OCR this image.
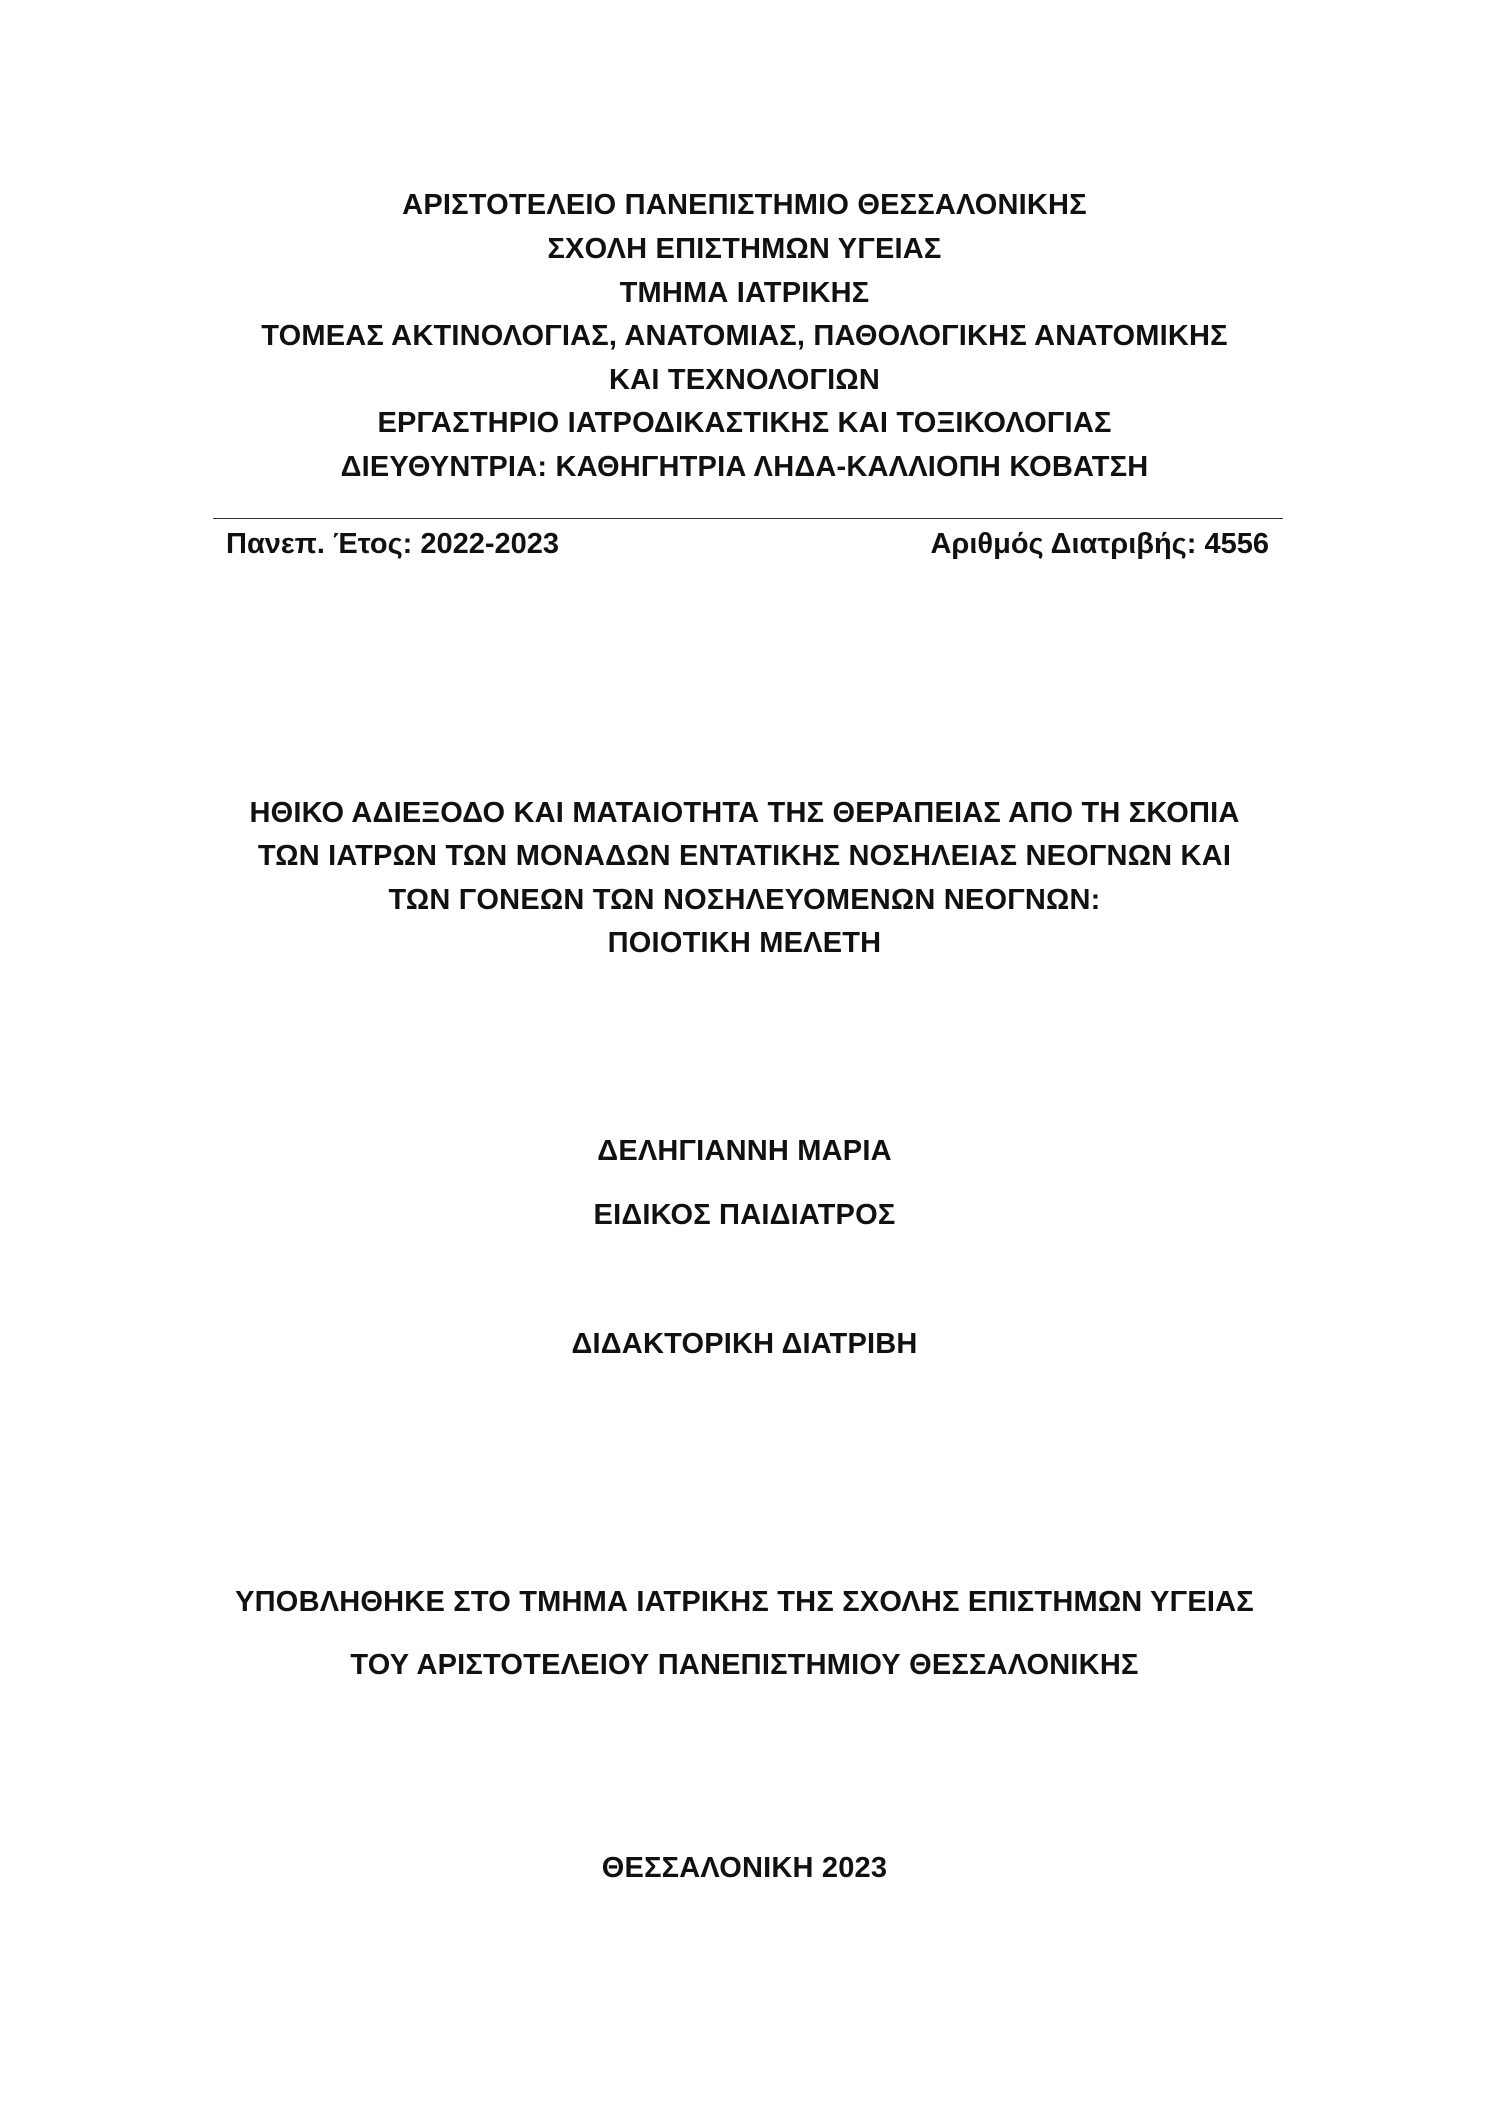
ΑΡΙΣΤΟΤΕΛΕΙΟ ΠΑΝΕΠΙΣΤΗΜΙΟ ΘΕΣΣΑΛΟΝΙΚΗΣ
ΣΧΟΛΗ ΕΠΙΣΤΗΜΩΝ ΥΓΕΙΑΣ
ΤΜΗΜΑ ΙΑΤΡΙΚΗΣ
ΤΟΜΕΑΣ ΑΚΤΙΝΟΛΟΓΙΑΣ, ΑΝΑΤΟΜΙΑΣ, ΠΑΘΟΛΟΓΙΚΗΣ ΑΝΑΤΟΜΙΚΗΣ
ΚΑΙ ΤΕΧΝΟΛΟΓΙΩΝ
ΕΡΓΑΣΤΗΡΙΟ ΙΑΤΡΟΔΙΚΑΣΤΙΚΗΣ ΚΑΙ ΤΟΞΙΚΟΛΟΓΙΑΣ
ΔΙΕΥΘΥΝΤΡΙΑ: ΚΑΘΗΓΗΤΡΙΑ ΛΗΔΑ-ΚΑΛΛΙΟΠΗ ΚΟΒΑΤΣΗ
Πανεπ. Έτος: 2022-2023	Αριθμός Διατριβής: 4556
ΗΘΙΚΟ ΑΔΙΕΞΟΔΟ ΚΑΙ ΜΑΤΑΙΟΤΗΤΑ ΤΗΣ ΘΕΡΑΠΕΙΑΣ ΑΠΟ ΤΗ ΣΚΟΠΙΑ
ΤΩΝ ΙΑΤΡΩΝ ΤΩΝ ΜΟΝΑΔΩΝ ΕΝΤΑΤΙΚΗΣ ΝΟΣΗΛΕΙΑΣ ΝΕΟΓΝΩΝ ΚΑΙ
ΤΩΝ ΓΟΝΕΩΝ ΤΩΝ ΝΟΣΗΛΕΥΟΜΕΝΩΝ ΝΕΟΓΝΩΝ:
ΠΟΙΟΤΙΚΗ ΜΕΛΕΤΗ
ΔΕΛΗΓΙΑΝΝΗ ΜΑΡΙΑ
ΕΙΔΙΚΟΣ ΠΑΙΔΙΑΤΡΟΣ
ΔΙΔΑΚΤΟΡΙΚΗ ΔΙΑΤΡΙΒΗ
ΥΠΟΒΛΗΘΗΚΕ ΣΤΟ ΤΜΗΜΑ ΙΑΤΡΙΚΗΣ ΤΗΣ ΣΧΟΛΗΣ ΕΠΙΣΤΗΜΩΝ ΥΓΕΙΑΣ
ΤΟΥ ΑΡΙΣΤΟΤΕΛΕΙΟΥ ΠΑΝΕΠΙΣΤΗΜΙΟΥ ΘΕΣΣΑΛΟΝΙΚΗΣ
ΘΕΣΣΑΛΟΝΙΚΗ 2023
